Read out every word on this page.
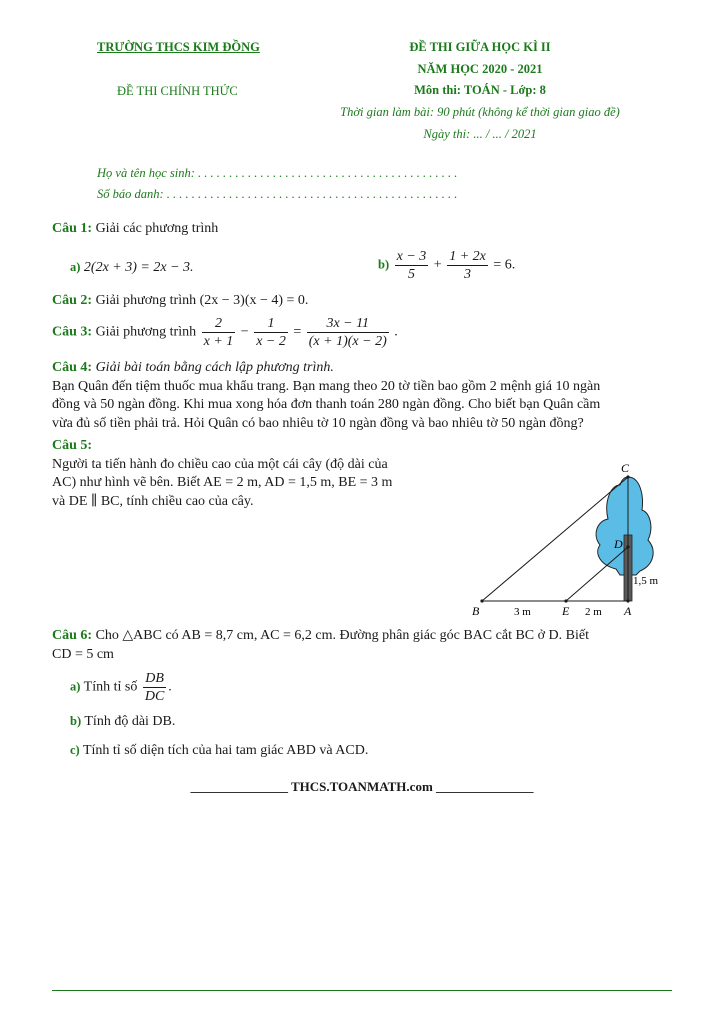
TRƯỜNG THCS KIM ĐỒNG
ĐỀ THI CHÍNH THỨC
ĐỀ THI GIỮA HỌC KÌ II
NĂM HỌC 2020 - 2021
Môn thi: TOÁN - Lớp: 8
Thời gian làm bài: 90 phút (không kể thời gian giao đề)
Ngày thi: ... / ... / 2021
Họ và tên học sinh: . . . . . . . . . . . . . . . . . . . . . . . . . . . . . . . . . . . . . . . . . .
Số báo danh: . . . . . . . . . . . . . . . . . . . . . . . . . . . . . . . . . . . . . . . . . . . . . . .
Câu 1: Giải các phương trình
a) 2(2x + 3) = 2x − 3.	$b) \frac{x - 3}{5} + \frac{1 + 2x}{3} = 6$.
Câu 2: Giải phương trình (2x − 3)(x − 4) = 0.
Câu 3: Giải phương trình $\frac{2}{x + 1} - \frac{1}{x - 2} = \frac{3x - 11}{(x + 1)(x - 2)}$ .
Câu 4: Giải bài toán bằng cách lập phương trình.
Bạn Quân đến tiệm thuốc mua khẩu trang. Bạn mang theo 20 tờ tiền bao gồm 2 mệnh giá 10 ngàn
đồng và 50 ngàn đồng. Khi mua xong hóa đơn thanh toán 280 ngàn đồng. Cho biết bạn Quân cầm
vừa đủ số tiền phải trả. Hỏi Quân có bao nhiêu tờ 10 ngàn đồng và bao nhiêu tờ 50 ngàn đồng?
Câu 5:
Người ta tiến hành đo chiều cao của một cái cây (độ dài của
AC) như hình vẽ bên. Biết AE = 2 m, AD = 1,5 m, BE = 3 m
và DE ∥ BC, tính chiều cao của cây.
C
D
B	E	A
3 m	2 m
1,5 m
Câu 6: Cho △ABC có AB = 8,7 cm, AC = 6,2 cm. Đường phân giác góc BAC cắt BC ở D. Biết
CD = 5 cm
a) Tính tỉ số $\frac{DB}{DC}$ .
b) Tính độ dài DB.
c) Tính tỉ số diện tích của hai tam giác ABD và ACD.
_______________ THCS.TOANMATH.com _______________
